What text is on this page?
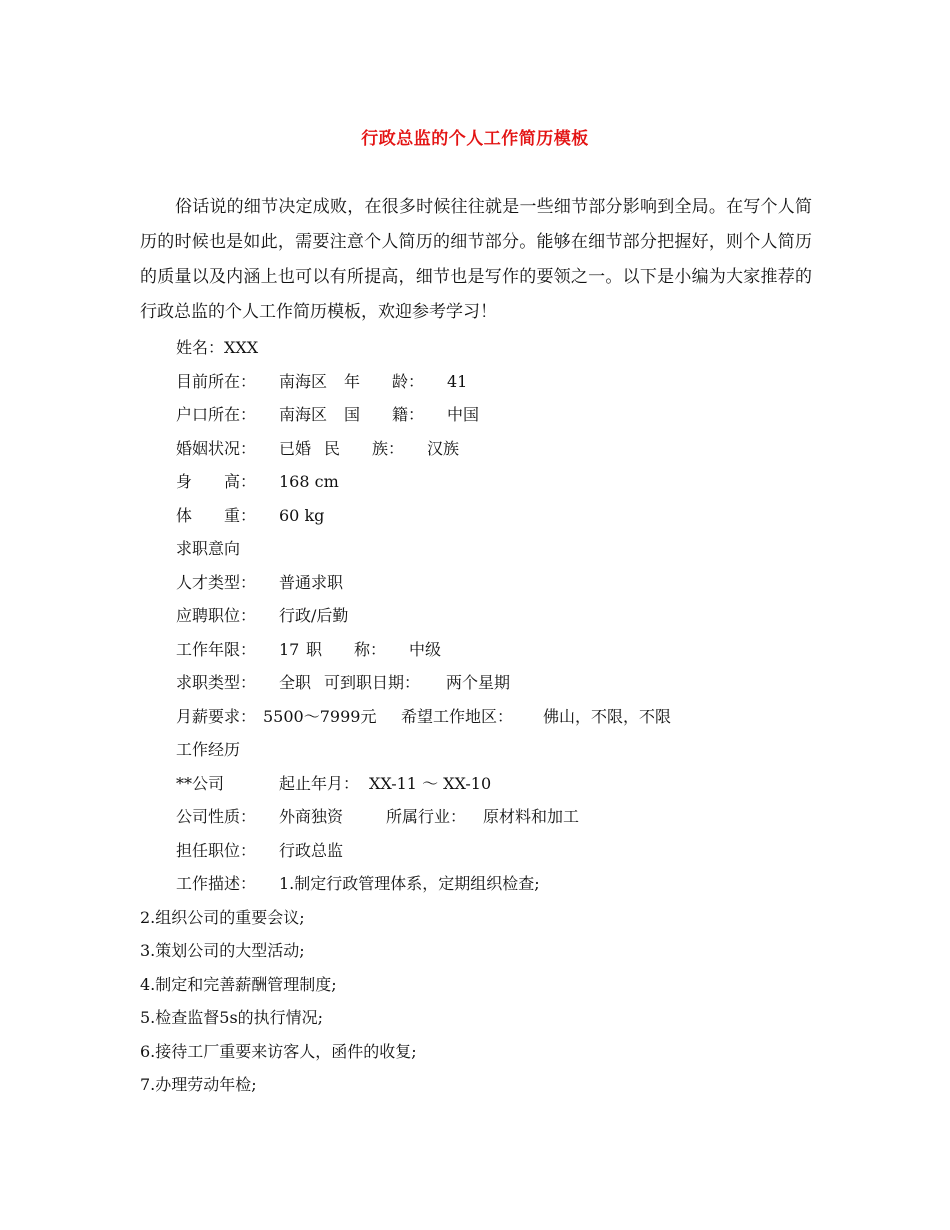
行政总监的个人工作简历模板

俗话说的细节决定成败，在很多时候往往就是一些细节部分影响到全局。在写个人简历的时候也是如此，需要注意个人简历的细节部分。能够在细节部分把握好，则个人简历的质量以及内涵上也可以有所提高，细节也是写作的要领之一。以下是小编为大家推荐的行政总监的个人工作简历模板，欢迎参考学习！

姓名：XXX
目前所在： 南海区 年　　龄： 41
户口所在： 南海区 国　　籍： 中国
婚姻状况： 已婚 民　　族： 汉族
身　　高： 168 cm
体　　重： 60 kg
求职意向
人才类型： 普通求职
应聘职位： 行政/后勤
工作年限： 17 职　　称： 中级
求职类型： 全职 可到职日期： 两个星期
月薪要求： 5500～7999元 希望工作地区： 佛山，不限，不限
工作经历
**公司	起止年月： XX-11 ～ XX-10
公司性质： 外商独资	所属行业： 原材料和加工
担任职位： 行政总监
工作描述： 1.制定行政管理体系，定期组织检查;
2.组织公司的重要会议;
3.策划公司的大型活动;
4.制定和完善薪酬管理制度;
5.检查监督5s的执行情况;
6.接待工厂重要来访客人，函件的收复;
7.办理劳动年检;
